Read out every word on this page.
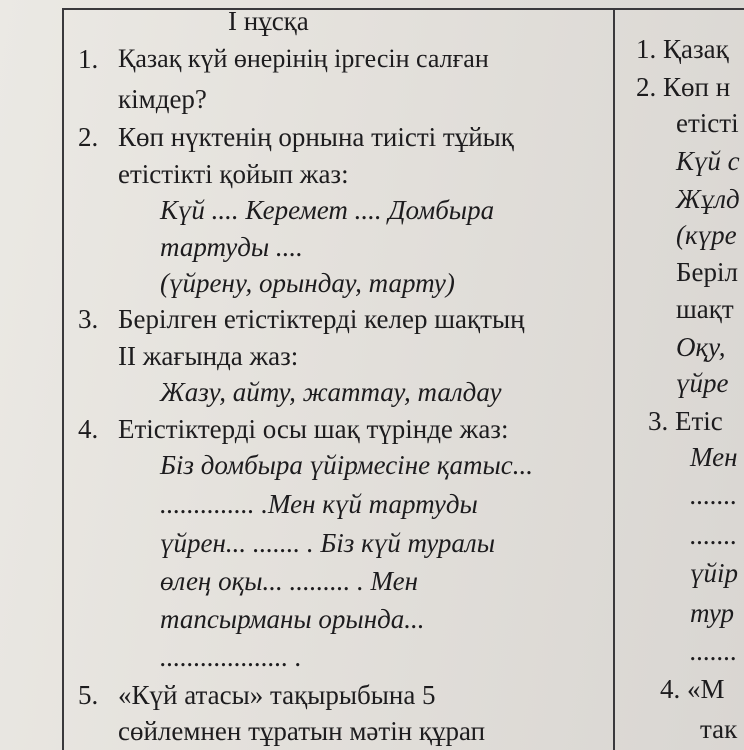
І нұсқа
1. Қазақ күй өнерінің іргесін салған
кімдер?
2. Көп нүктенің орнына тиісті тұйық
етістікті қойып жаз:
Күй .... Керемет .... Домбыра
тартуды ....
(үйрену, орындау, тарту)
3. Берілген етістіктерді келер шақтың
ІІ жағында жаз:
Жазу, айту, жаттау, талдау
4. Етістіктерді осы шақ түрінде жаз:
Біз домбыра үйірмесіне қатыс...
.............. .Мен күй тартуды
үйрен... ....... . Біз күй туралы
өлең оқы... ......... . Мен
тапсырманы орында...
................... .
5. «Күй атасы» тақырыбына 5
сөйлемнен тұратын мәтін құрап
1. Қазақ
2. Көп н
етісті
Күй с
Жұлд
(күре
Беріл
шақт
Оқу,
үйре
3. Етіс
Мен
.......
.......
үйір
тур
.......
4. «М
так
